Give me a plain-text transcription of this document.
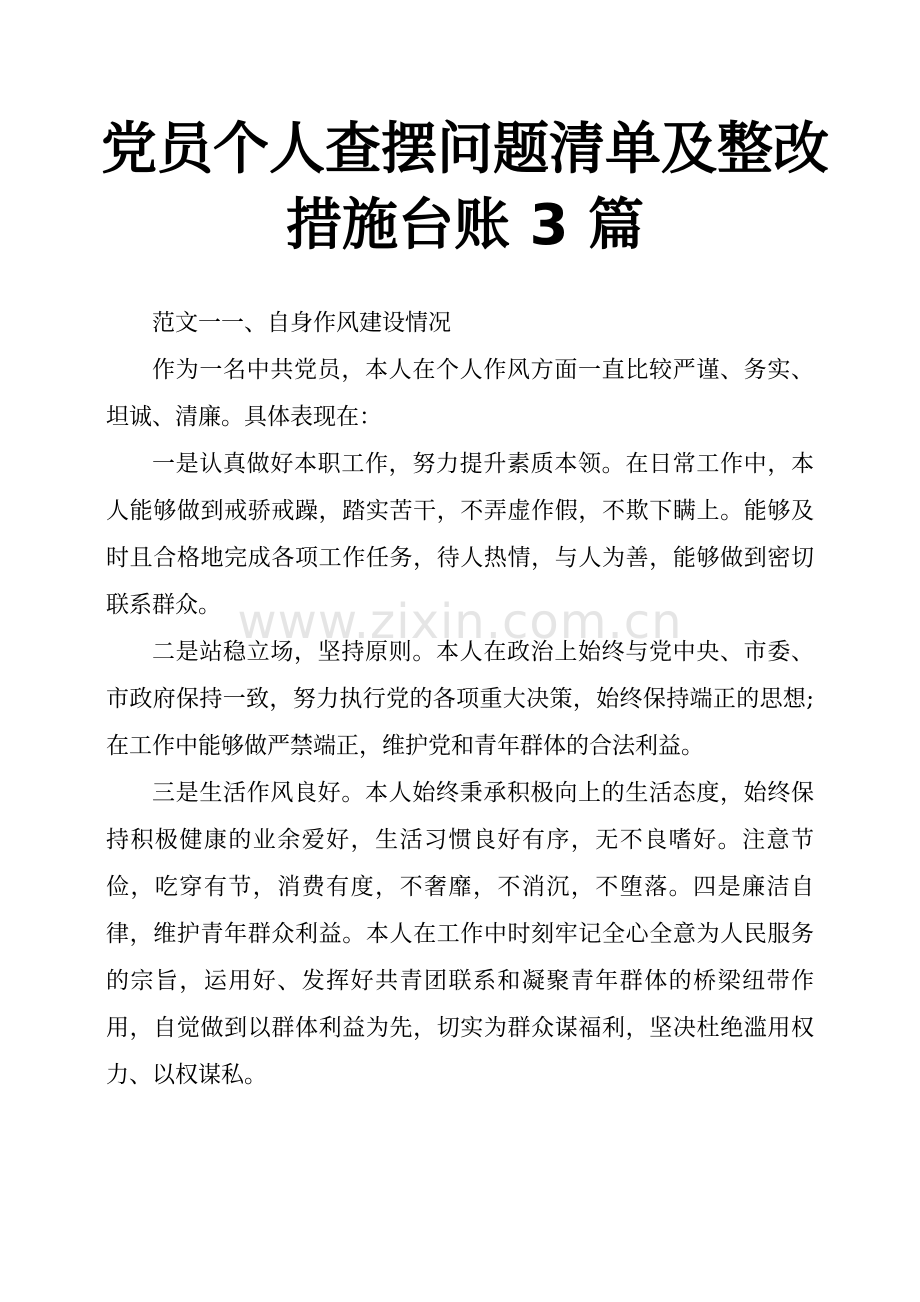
党员个人查摆问题清单及整改措施台账 3 篇

范文一一、自身作风建设情况

作为一名中共党员，本人在个人作风方面一直比较严谨、务实、坦诚、清廉。具体表现在：

一是认真做好本职工作，努力提升素质本领。在日常工作中，本人能够做到戒骄戒躁，踏实苦干，不弄虚作假，不欺下瞒上。能够及时且合格地完成各项工作任务，待人热情，与人为善，能够做到密切联系群众。

二是站稳立场，坚持原则。本人在政治上始终与党中央、市委、市政府保持一致，努力执行党的各项重大决策，始终保持端正的思想;在工作中能够做严禁端正，维护党和青年群体的合法利益。

三是生活作风良好。本人始终秉承积极向上的生活态度，始终保持积极健康的业余爱好，生活习惯良好有序，无不良嗜好。注意节俭，吃穿有节，消费有度，不奢靡，不消沉，不堕落。四是廉洁自律，维护青年群众利益。本人在工作中时刻牢记全心全意为人民服务的宗旨，运用好、发挥好共青团联系和凝聚青年群体的桥梁纽带作用，自觉做到以群体利益为先，切实为群众谋福利，坚决杜绝滥用权力、以权谋私。

www.zixin.com.cn
